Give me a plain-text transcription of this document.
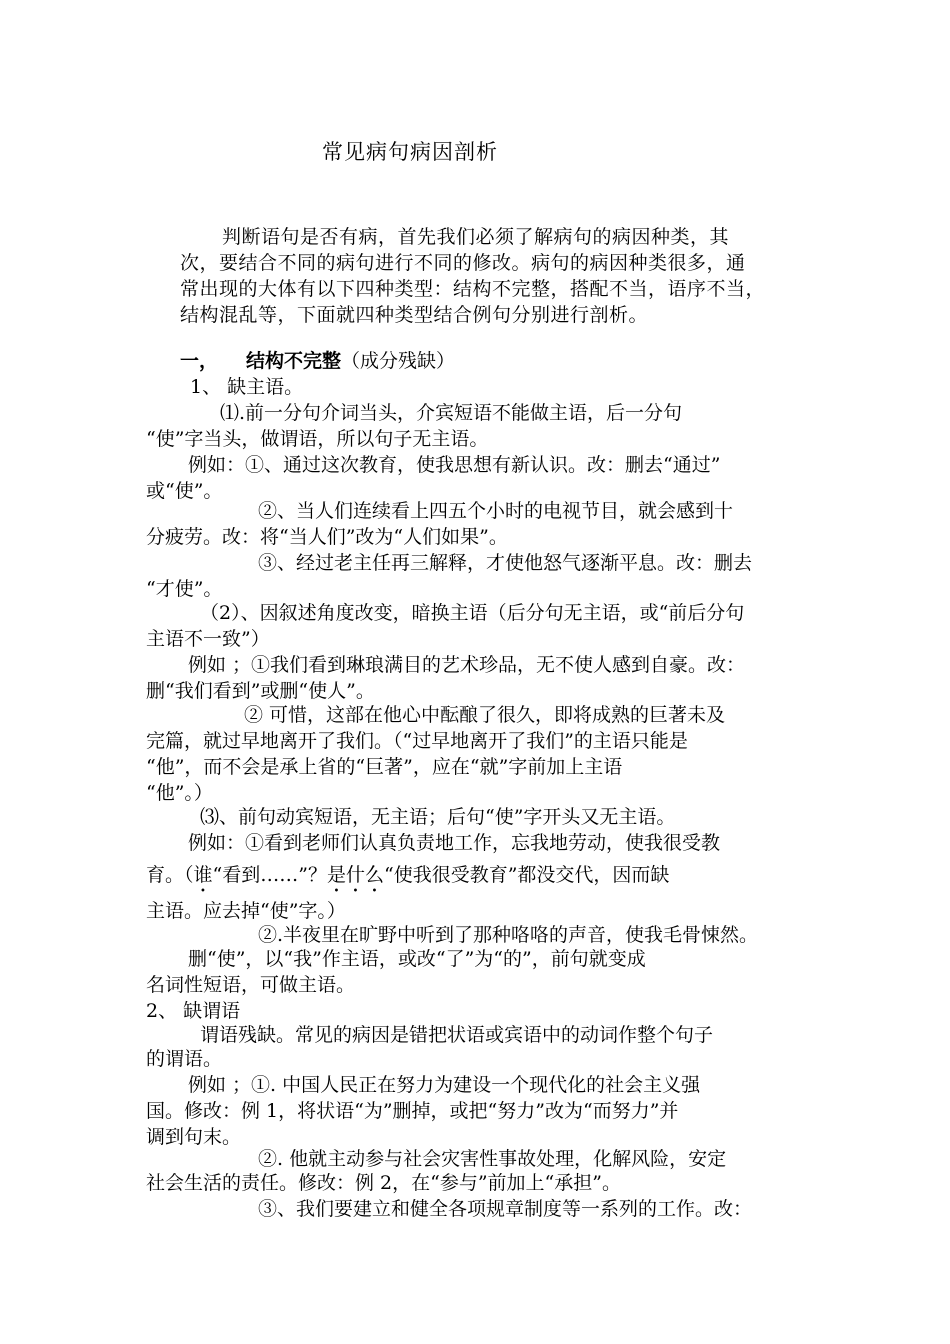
常见病句病因剖析
判断语句是否有病，首先我们必须了解病句的病因种类，其
次，要结合不同的病句进行不同的修改。病句的病因种类很多，通
常出现的大体有以下四种类型：结构不完整，搭配不当，语序不当，
结构混乱等，下面就四种类型结合例句分别进行剖析。
一， 结构不完整（成分残缺）
1、 缺主语。
⑴.前一分句介词当头，介宾短语不能做主语，后一分句
“使”字当头，做谓语，所以句子无主语。
例如：①、通过这次教育，使我思想有新认识。改：删去“通过”
或“使”。
②、当人们连续看上四五个小时的电视节目，就会感到十
分疲劳。改：将“当人们”改为“人们如果”。
③、经过老主任再三解释，才使他怒气逐渐平息。改：删去
“才使”。
（2）、因叙述角度改变，暗换主语（后分句无主语，或“前后分句
主语不一致”）
例如 ；①我们看到琳琅满目的艺术珍品，无不使人感到自豪。改：
删“我们看到”或删“使人”。
② 可惜，这部在他心中酝酿了很久，即将成熟的巨著未及
完篇，就过早地离开了我们。（“过早地离开了我们”的主语只能是
“他”，而不会是承上省的“巨著”，应在“就”字前加上主语
“他”。）
⑶、前句动宾短语，无主语；后句“使”字开头又无主语。
例如：①看到老师们认真负责地工作，忘我地劳动，使我很受教
育。（谁“看到……”？是什么“使我很受教育”都没交代，因而缺
主语。应去掉“使”字。）
②.半夜里在旷野中听到了那种咯咯的声音，使我毛骨悚然。
删“使”，以“我”作主语，或改“了”为“的”，前句就变成
名词性短语，可做主语。
2、 缺谓语
谓语残缺。常见的病因是错把状语或宾语中的动词作整个句子
的谓语。
例如 ；①. 中国人民正在努力为建设一个现代化的社会主义强
国。修改：例 1，将状语“为”删掉，或把“努力”改为“而努力”并
调到句末。
②. 他就主动参与社会灾害性事故处理，化解风险，安定
社会生活的责任。修改：例 2，在“参与”前加上“承担”。
③、我们要建立和健全各项规章制度等一系列的工作。改：
